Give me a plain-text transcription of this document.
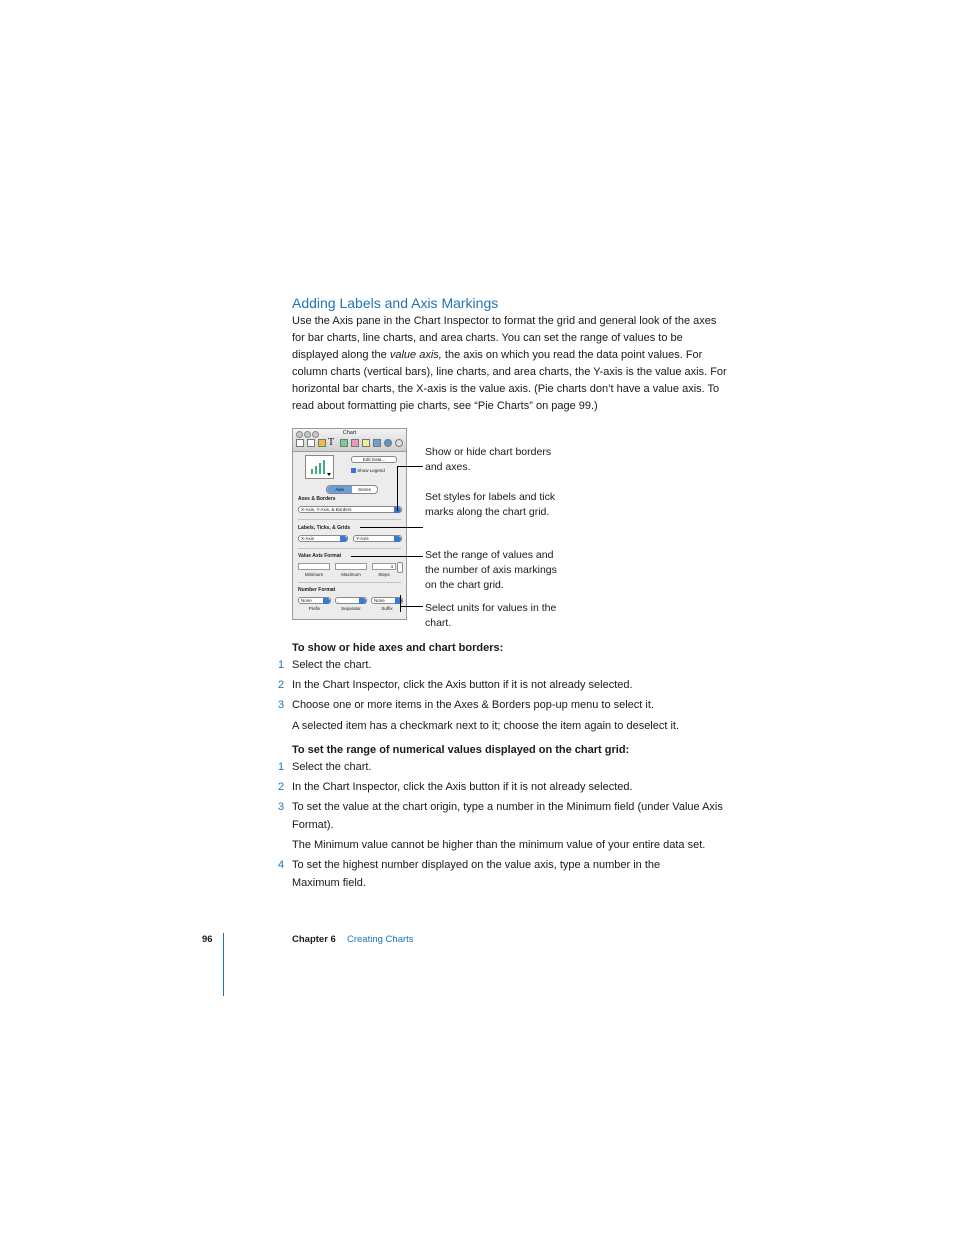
Adding Labels and Axis Markings

Use the Axis pane in the Chart Inspector to format the grid and general look of the axes for bar charts, line charts, and area charts. You can set the range of values to be displayed along the value axis, the axis on which you read the data point values. For column charts (vertical bars), line charts, and area charts, the Y-axis is the value axis. For horizontal bar charts, the X-axis is the value axis. (Pie charts don’t have a value axis. To read about formatting pie charts, see “Pie Charts” on page 99.)

Chart
T
Edit Data...
Show Legend
Axis	Series
Axes & Borders
X-Axis, Y-Axis, & Borders
Labels, Ticks, & Grids
X-Axis	Y-Axis
Value Axis Format
4
Minimum	Maximum	Steps
Number Format
None	,	None
Prefix	Separator	Suffix
Show or hide chart borders and axes.
Set styles for labels and tick marks along the chart grid.
Set the range of values and the number of axis markings on the chart grid.
Select units for values in the chart.
To show or hide axes and chart borders:
1 Select the chart.
2 In the Chart Inspector, click the Axis button if it is not already selected.
3 Choose one or more items in the Axes & Borders pop-up menu to select it.
A selected item has a checkmark next to it; choose the item again to deselect it.
To set the range of numerical values displayed on the chart grid:
1 Select the chart.
2 In the Chart Inspector, click the Axis button if it is not already selected.
3 To set the value at the chart origin, type a number in the Minimum field (under Value Axis Format).
The Minimum value cannot be higher than the minimum value of your entire data set.
4 To set the highest number displayed on the value axis, type a number in the Maximum field.
96	Chapter 6 Creating Charts
